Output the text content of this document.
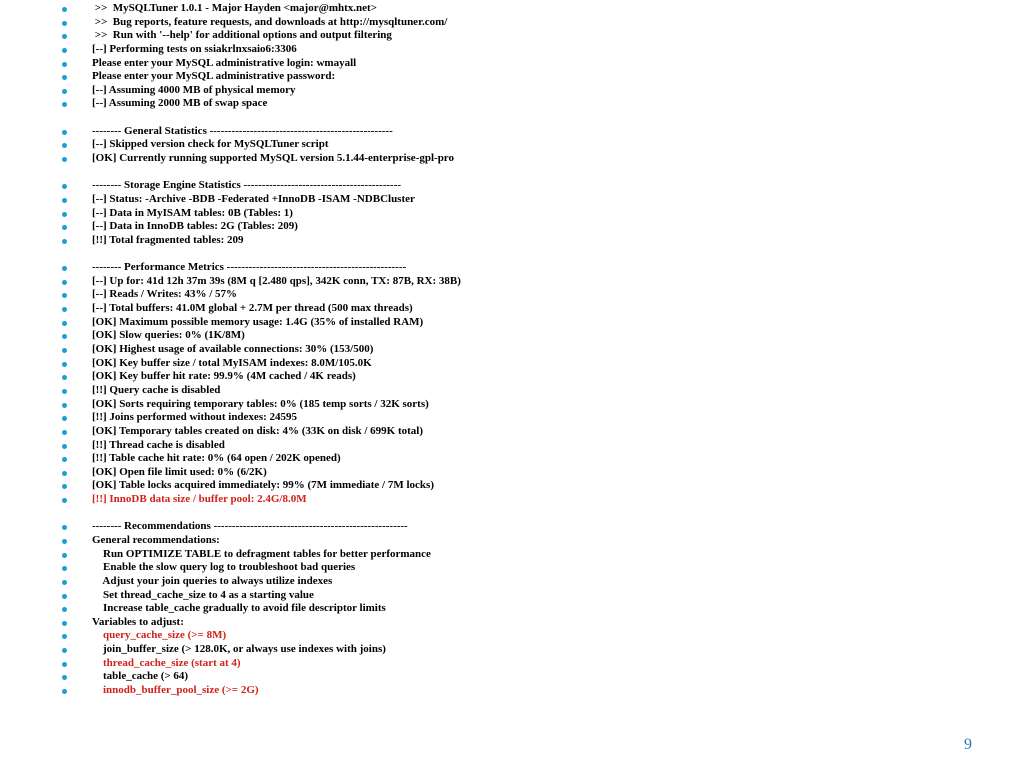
>>  MySQLTuner 1.0.1 - Major Hayden <major@mhtx.net>
>>  Bug reports, feature requests, and downloads at http://mysqltuner.com/
>>  Run with '--help' for additional options and output filtering
[--] Performing tests on ssiakrlnxsaio6:3306
Please enter your MySQL administrative login: wmayall
Please enter your MySQL administrative password:
[--] Assuming 4000 MB of physical memory
[--] Assuming 2000 MB of swap space
-------- General Statistics --------------------------------------------------
[--] Skipped version check for MySQLTuner script
[OK] Currently running supported MySQL version 5.1.44-enterprise-gpl-pro
-------- Storage Engine Statistics -------------------------------------------
[--] Status: -Archive -BDB -Federated +InnoDB -ISAM -NDBCluster
[--] Data in MyISAM tables: 0B (Tables: 1)
[--] Data in InnoDB tables: 2G (Tables: 209)
[!!] Total fragmented tables: 209
-------- Performance Metrics -------------------------------------------------
[--] Up for: 41d 12h 37m 39s (8M q [2.480 qps], 342K conn, TX: 87B, RX: 38B)
[--] Reads / Writes: 43% / 57%
[--] Total buffers: 41.0M global + 2.7M per thread (500 max threads)
[OK] Maximum possible memory usage: 1.4G (35% of installed RAM)
[OK] Slow queries: 0% (1K/8M)
[OK] Highest usage of available connections: 30% (153/500)
[OK] Key buffer size / total MyISAM indexes: 8.0M/105.0K
[OK] Key buffer hit rate: 99.9% (4M cached / 4K reads)
[!!] Query cache is disabled
[OK] Sorts requiring temporary tables: 0% (185 temp sorts / 32K sorts)
[!!] Joins performed without indexes: 24595
[OK] Temporary tables created on disk: 4% (33K on disk / 699K total)
[!!] Thread cache is disabled
[!!] Table cache hit rate: 0% (64 open / 202K opened)
[OK] Open file limit used: 0% (6/2K)
[OK] Table locks acquired immediately: 99% (7M immediate / 7M locks)
[!!] InnoDB data size / buffer pool: 2.4G/8.0M
-------- Recommendations -----------------------------------------------------
General recommendations:
Run OPTIMIZE TABLE to defragment tables for better performance
Enable the slow query log to troubleshoot bad queries
Adjust your join queries to always utilize indexes
Set thread_cache_size to 4 as a starting value
Increase table_cache gradually to avoid file descriptor limits
Variables to adjust:
query_cache_size (>= 8M)
join_buffer_size (> 128.0K, or always use indexes with joins)
thread_cache_size (start at 4)
table_cache (> 64)
innodb_buffer_pool_size (>= 2G)
9
